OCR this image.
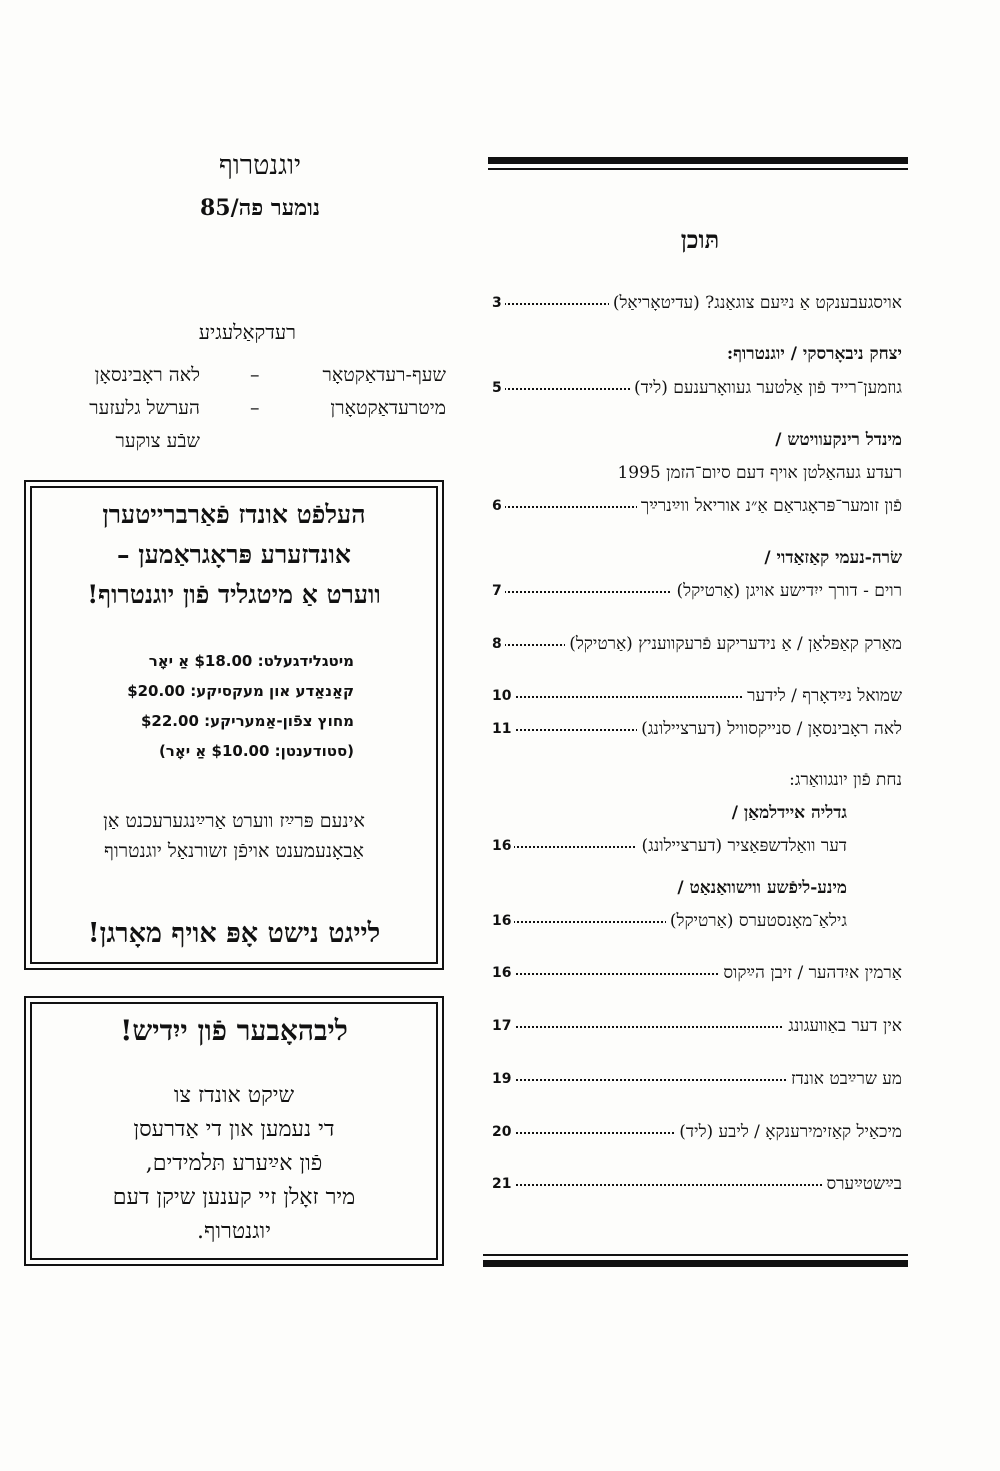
יוגנטרוף
נומער פה/85
רעדקאַלעגיע
שעף-רעדאַקטאָר
–
לאה ראָבינסאָן
מיטרעדאַקטאָרן
–
הערשל גלעזער
שבֿע צוקער
העלפֿט אונדז פֿאַרברייטערן
אונדזערע פּראָגראַמען –
ווערט אַ מיטגליד פֿון יוגנטרוף!
מיטגלידגעלט: $18.00 אַ יאָר
קאַנאַדע און מעקסיקע: $20.00
מחוץ צפֿון-אַמעריקע: $22.00
(סטודענטן: $10.00 אַ יאָר)
אינעם פּרײַז ווערט אַרײַנגערעכנט אַן
אַבאָנעמענט אויפֿן זשורנאַל יוגנטרוף
לייגט נישט אָפּ אויף מאָרגן!
ליבהאָבער פֿון ייִדיש!
שיקט אונדז צו
די נעמען און די אַדרעסן
פֿון אײַערע תּלמידים,
מיר זאָלן זיי קענען שיקן דעם
יוגנטרוף.
תּוכן
אויסגעבענקט אַ נײַעם צוגאַנג? (עדיטאָריאַל)
3
יצחק ניבאָרסקי / יוגנטרוף:
גוזמען־רייד פֿון אַלטער געוואָרענעם (ליד)
5
מינדל רינקעוויטש /
רעדע געהאַלטן אויף דעם סיום־הזמן 1995
פֿון זומער־פּראָגראַם אַ״נ אוריאל ווײַנרײַך
6
שׂרה-נעמי קאַזאַדוי /
רוים - דורך ייִדישע אויגן (אַרטיקל)
7
מאַרק קאַפּלאַן / אַ נידעריקע פֿרעקוועניץ (אַרטיקל)
8
שמואל נײַדאָרף / לידער
10
לאה ראָבינסאָן / סנייקסוויל (דערציילונג)
11
נחת פֿון יונגוואַרג:
גדליה איידלמאַן /
דער וואַלדשפּאַציר (דערציילונג)
16
מינע-ליפֿשע ווישוואַנאַט /
גילאַ־מאָנסטערס (אַרטיקל)
16
אַרמין איִדהער / זיבן הײַקוס
16
אין דער באַוועגונג
17
מע שרײַבט אונדז
19
מיכאַיל קאַזימירענקאָ / ליבע (ליד)
20
בײַשטײַערס
21
